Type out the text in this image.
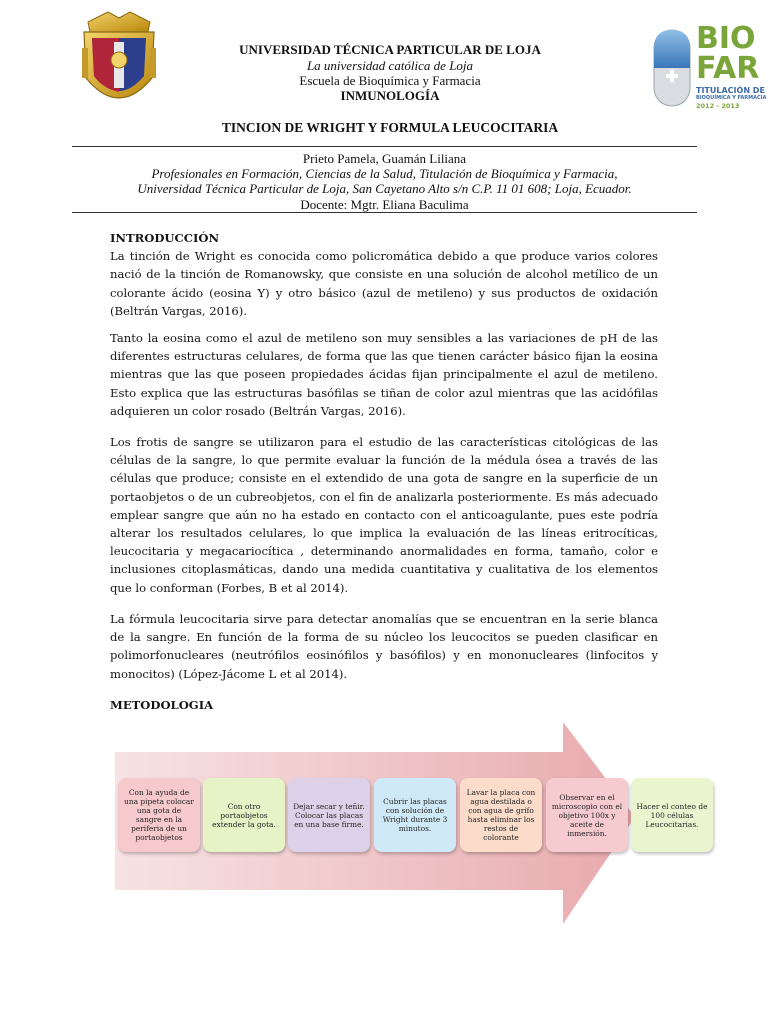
BIO
FAR
TITULACIÓN DE
BIOQUÍMICA Y FARMACIA
2012 - 2013
UNIVERSIDAD TÉCNICA PARTICULAR DE LOJA
La universidad católica de Loja
Escuela de Bioquímica y Farmacia
INMUNOLOGÍA
TINCION DE WRIGHT Y FORMULA LEUCOCITARIA
Prieto Pamela, Guamán Liliana
Profesionales en Formación, Ciencias de la Salud, Titulación de Bioquímica y Farmacia,
Universidad Técnica Particular de Loja, San Cayetano Alto s/n C.P. 11 01 608; Loja, Ecuador.
Docente: Mgtr. Eliana Baculima
INTRODUCCIÓN
La tinción de Wright es conocida como policromática debido a que produce varios colores nació de la tinción de Romanowsky, que consiste en una solución de alcohol metílico de un colorante ácido (eosina Y) y otro básico (azul de metileno) y sus productos de oxidación (Beltrán Vargas, 2016).
Tanto la eosina como el azul de metileno son muy sensibles a las variaciones de pH de las diferentes estructuras celulares, de forma que las que tienen carácter básico fijan la eosina mientras que las que poseen propiedades ácidas fijan principalmente el azul de metileno. Esto explica que las estructuras basófilas se tiñan de color azul mientras que las acidófilas adquieren un color rosado (Beltrán Vargas, 2016).
Los frotis de sangre se utilizaron para el estudio de las características citológicas de las células de la sangre, lo que permite evaluar la función de la médula ósea a través de las células que produce; consiste en el extendido de una gota de sangre en la superficie de un portaobjetos o de un cubreobjetos, con el fin de analizarla posteriormente. Es más adecuado emplear sangre que aún no ha estado en contacto con el anticoagulante, pues este podría alterar los resultados celulares, lo que implica la evaluación de las líneas eritrocíticas, leucocitaria y megacariocítica , determinando anormalidades en forma, tamaño, color e inclusiones citoplasmáticas, dando una medida cuantitativa y cualitativa de los elementos que lo conforman (Forbes, B et al 2014).
La fórmula leucocitaria sirve para detectar anomalías que se encuentran en la serie blanca de la sangre. En función de la forma de su núcleo los leucocitos se pueden clasificar en polimorfonucleares (neutrófilos eosinófilos y basófilos) y en mononucleares (linfocitos y monocitos) (López-Jácome L et al 2014).
METODOLOGIA
Con la ayuda de una pipeta colocar una gota de sangre en la periferia de un portaobjetos
Con otro portaobjetos extender la gota.
Dejar secar y teñir. Colocar las placas en una base firme.
Cubrir las placas con solución de Wright durante 3 minutos.
Lavar la placa con agua destilada o con agua de grifo hasta eliminar los restos de colorante
Observar en el microscopio con el objetivo 100x y aceite de inmersión.
Hacer el conteo de 100 células Leucocitarias.
